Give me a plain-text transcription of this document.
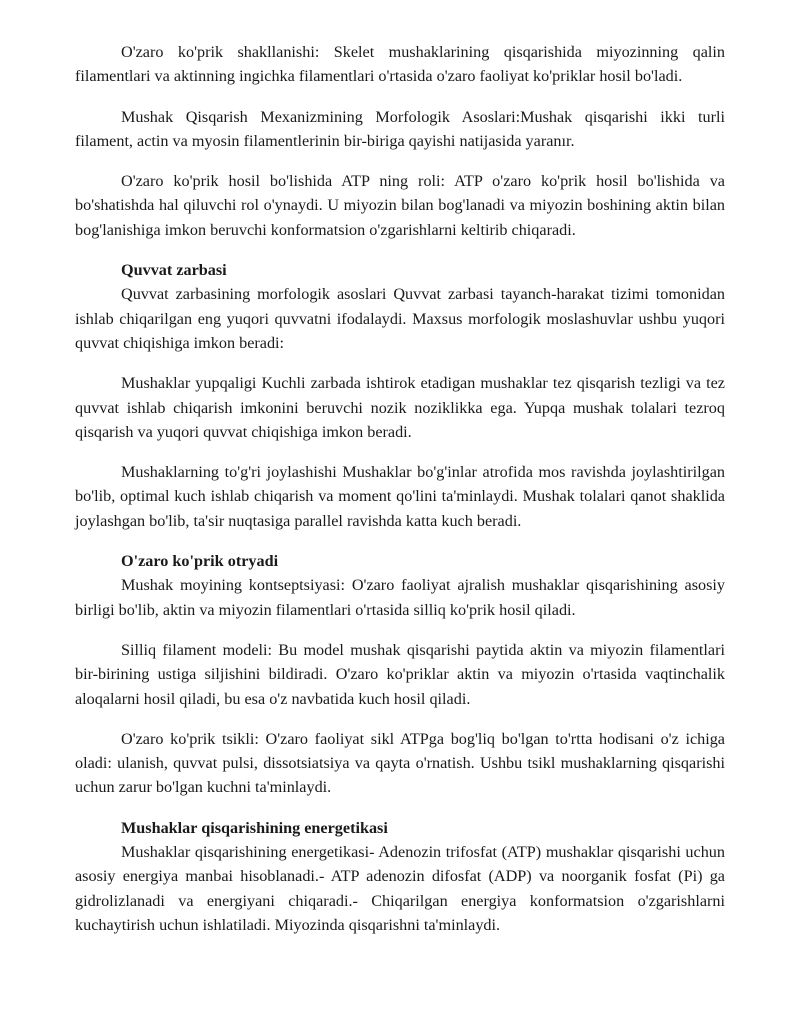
O'zaro ko'prik shakllanishi: Skelet mushaklarining qisqarishida miyozinning qalin filamentlari va aktinning ingichka filamentlari o'rtasida o'zaro faoliyat ko'priklar hosil bo'ladi.

Mushak Qisqarish Mexanizmining Morfologik Asoslari:Mushak qisqarishi ikki turli filament, actin va myosin filamentlerinin bir-biriga qayishi natijasida yaranır.

O'zaro ko'prik hosil bo'lishida ATP ning roli: ATP o'zaro ko'prik hosil bo'lishida va bo'shatishda hal qiluvchi rol o'ynaydi. U miyozin bilan bog'lanadi va miyozin boshining aktin bilan bog'lanishiga imkon beruvchi konformatsion o'zgarishlarni keltirib chiqaradi.

Quvvat zarbasi

Quvvat zarbasining morfologik asoslari Quvvat zarbasi tayanch-harakat tizimi tomonidan ishlab chiqarilgan eng yuqori quvvatni ifodalaydi. Maxsus morfologik moslashuvlar ushbu yuqori quvvat chiqishiga imkon beradi:

Mushaklar yupqaligi Kuchli zarbada ishtirok etadigan mushaklar tez qisqarish tezligi va tez quvvat ishlab chiqarish imkonini beruvchi nozik noziklikka ega. Yupqa mushak tolalari tezroq qisqarish va yuqori quvvat chiqishiga imkon beradi.

Mushaklarning to'g'ri joylashishi Mushaklar bo'g'inlar atrofida mos ravishda joylashtirilgan bo'lib, optimal kuch ishlab chiqarish va moment qo'lini ta'minlaydi. Mushak tolalari qanot shaklida joylashgan bo'lib, ta'sir nuqtasiga parallel ravishda katta kuch beradi.

O'zaro ko'prik otryadi

Mushak moyining kontseptsiyasi: O'zaro faoliyat ajralish mushaklar qisqarishining asosiy birligi bo'lib, aktin va miyozin filamentlari o'rtasida silliq ko'prik hosil qiladi.

Silliq filament modeli: Bu model mushak qisqarishi paytida aktin va miyozin filamentlari bir-birining ustiga siljishini bildiradi. O'zaro ko'priklar aktin va miyozin o'rtasida vaqtinchalik aloqalarni hosil qiladi, bu esa o'z navbatida kuch hosil qiladi.

O'zaro ko'prik tsikli: O'zaro faoliyat sikl ATPga bog'liq bo'lgan to'rtta hodisani o'z ichiga oladi: ulanish, quvvat pulsi, dissotsiatsiya va qayta o'rnatish. Ushbu tsikl mushaklarning qisqarishi uchun zarur bo'lgan kuchni ta'minlaydi.

Mushaklar qisqarishining energetikasi

Mushaklar qisqarishining energetikasi- Adenozin trifosfat (ATP) mushaklar qisqarishi uchun asosiy energiya manbai hisoblanadi.- ATP adenozin difosfat (ADP) va noorganik fosfat (Pi) ga gidrolizlanadi va energiyani chiqaradi.- Chiqarilgan energiya konformatsion o'zgarishlarni kuchaytirish uchun ishlatiladi. Miyozinda qisqarishni ta'minlaydi.
